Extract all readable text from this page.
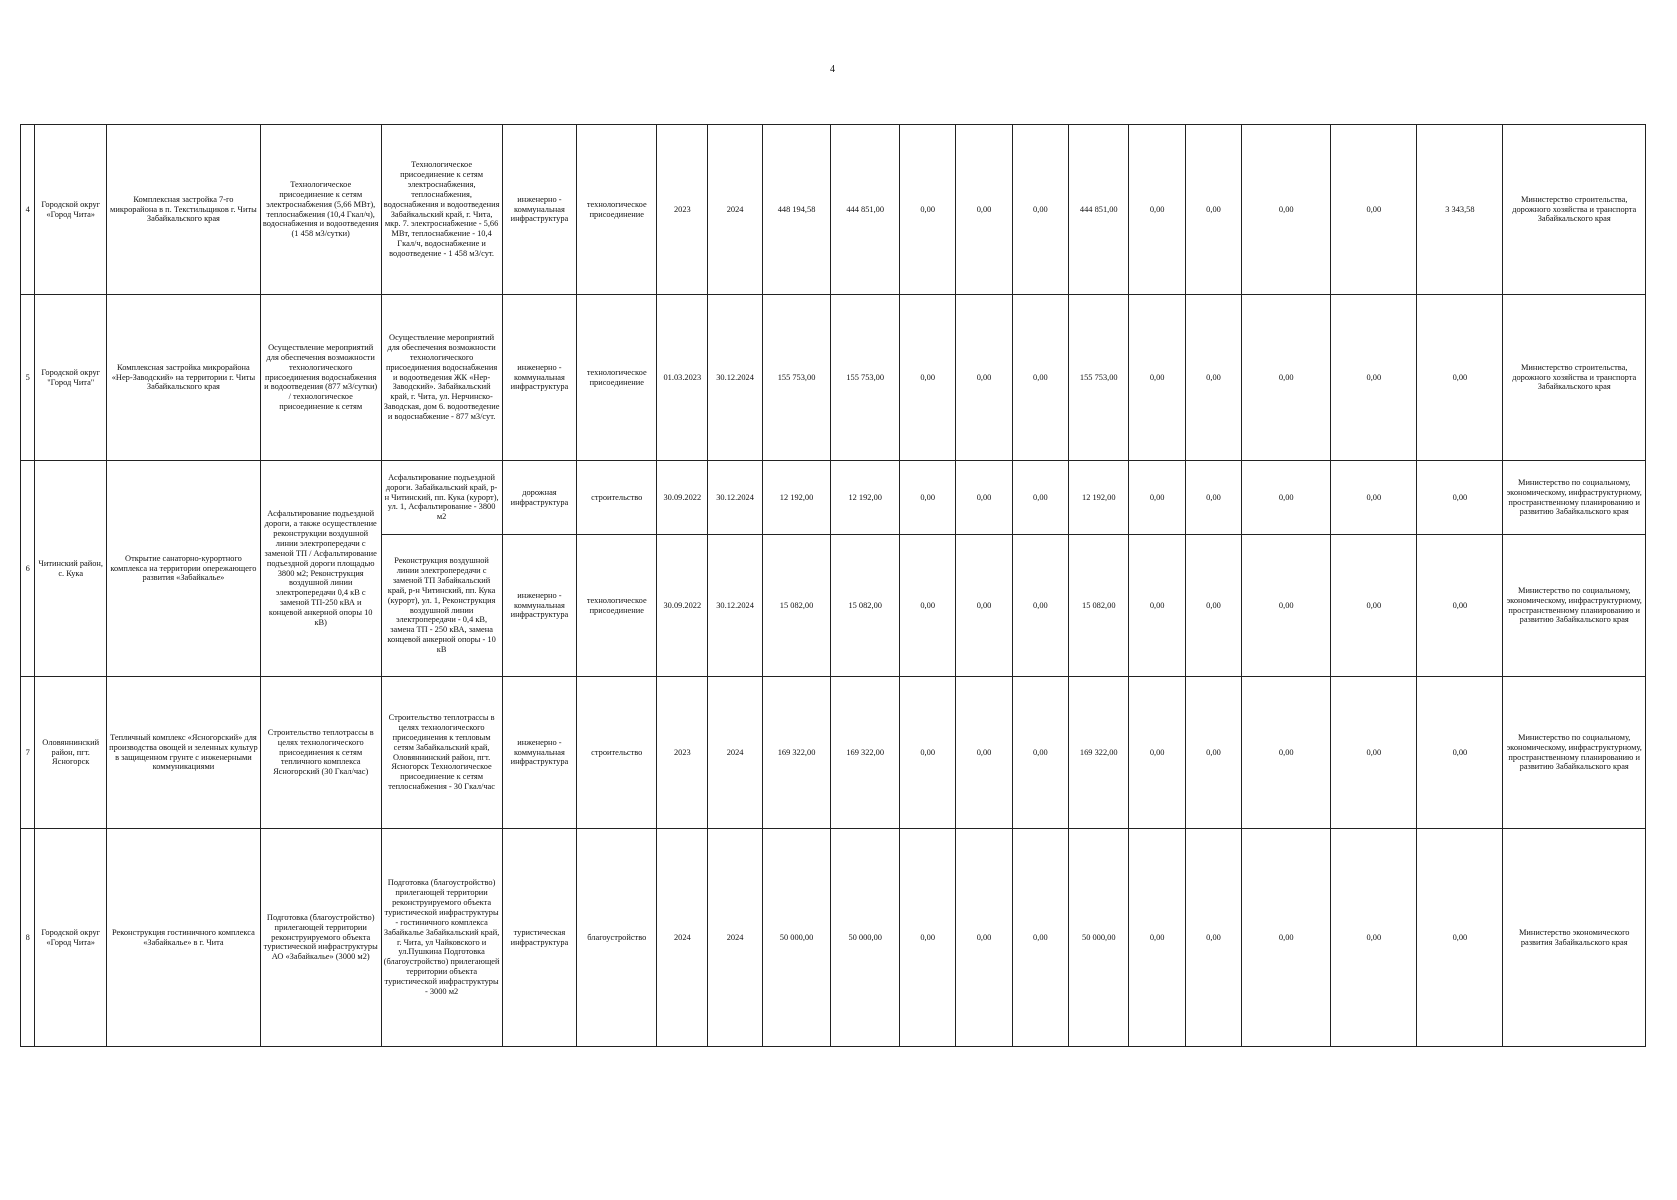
4
4	Городской округ «Город Чита»	Комплексная застройка 7-го микрорайона в п. Текстильщиков г. Читы Забайкальского края	Технологическое присоединение к сетям электроснабжения (5,66 МВт), теплоснабжения (10,4 Гкал/ч), водоснабжения и водоотведения (1 458 м3/сутки)	Технологическое присоединение к сетям электроснабжения, теплоснабжения, водоснабжения и водоотведения Забайкальский край, г. Чита, мкр. 7. электроснабжение - 5,66 МВт, теплоснабжение - 10,4 Гкал/ч, водоснабжение и водоотведение - 1 458 м3/сут.	инженерно - коммунальная инфраструктура	технологическое присоединение	2023	2024	448 194,58	444 851,00	0,00	0,00	0,00	444 851,00	0,00	0,00	0,00	0,00	3 343,58	Министерство строительства, дорожного хозяйства и транспорта Забайкальского края
5	Городской округ "Город Чита"	Комплексная застройка микрорайона «Нер-Заводский» на территории г. Читы Забайкальского края	Осуществление мероприятий для обеспечения возможности технологического присоединения водоснабжения и водоотведения (877 м3/сутки) / технологическое присоединение к сетям	Осуществление мероприятий для обеспечения возможности технологического присоединения водоснабжения и водоотведения ЖК «Нер-Заводский». Забайкальский край, г. Чита, ул. Нерчинско-Заводская, дом 6. водоотведение и водоснабжение - 877 м3/сут.	инженерно - коммунальная инфраструктура	технологическое присоединение	01.03.2023	30.12.2024	155 753,00	155 753,00	0,00	0,00	0,00	155 753,00	0,00	0,00	0,00	0,00	0,00	Министерство строительства, дорожного хозяйства и транспорта Забайкальского края
6	Читинский район, с. Кука	Открытие санаторно-курортного комплекса на территории опережающего развития «Забайкалье»	Асфальтирование подъездной дороги, а также осуществление реконструкции воздушной линии электропередачи с заменой ТП / Асфальтирование подъездной дороги площадью 3800 м2; Реконструкция воздушной линии электропередачи 0,4 кВ с заменой ТП-250 кВА и концевой анкерной опоры 10 кВ)	Асфальтирование подъездной дороги. Забайкальский край, р-н Читинский, пп. Кука (курорт), ул. 1, Асфальтирование - 3800 м2	дорожная инфраструктура	строительство	30.09.2022	30.12.2024	12 192,00	12 192,00	0,00	0,00	0,00	12 192,00	0,00	0,00	0,00	0,00	0,00	Министерство по социальному, экономическому, инфраструктурному, пространственному планированию и развитию Забайкальского края
				Реконструкция воздушной линии электропередачи с заменой ТП Забайкальский край, р-н Читинский, пп. Кука (курорт), ул. 1, Реконструкция воздушной линии электропередачи - 0,4 кВ, замена ТП - 250 кВА, замена концевой анкерной опоры - 10 кВ	инженерно - коммунальная инфраструктура	технологическое присоединение	30.09.2022	30.12.2024	15 082,00	15 082,00	0,00	0,00	0,00	15 082,00	0,00	0,00	0,00	0,00	0,00	Министерство по социальному, экономическому, инфраструктурному, пространственному планированию и развитию Забайкальского края
7	Оловяннинский район, пгт. Ясногорск	Тепличный комплекс «Ясногорский» для производства овощей и зеленных культур в защищенном грунте с инженерными коммуникациями	Строительство теплотрассы в целях технологического присоединения к сетям тепличного комплекса Ясногорский (30 Гкал/час)	Строительство теплотрассы в целях технологического присоединения к тепловым сетям Забайкальский край, Оловяннинский район, пгт. Ясногорск Технологическое присоединение к сетям теплоснабжения - 30 Гкал/час	инженерно - коммунальная инфраструктура	строительство	2023	2024	169 322,00	169 322,00	0,00	0,00	0,00	169 322,00	0,00	0,00	0,00	0,00	0,00	Министерство по социальному, экономическому, инфраструктурному, пространственному планированию и развитию Забайкальского края
8	Городской округ «Город Чита»	Реконструкция гостиничного комплекса «Забайкалье» в г. Чита	Подготовка (благоустройство) прилегающей территории реконструируемого объекта туристической инфраструктуры АО «Забайкалье» (3000 м2)	Подготовка (благоустройство) прилегающей территории реконструируемого объекта туристической инфраструктуры - гостиничного комплекса Забайкалье Забайкальский край, г. Чита, ул Чайковского и ул.Пушкина Подготовка (благоустройство) прилегающей территории объекта туристической инфраструктуры - 3000 м2	туристическая инфраструктура	благоустройство	2024	2024	50 000,00	50 000,00	0,00	0,00	0,00	50 000,00	0,00	0,00	0,00	0,00	0,00	Министерство экономического развития Забайкальского края
